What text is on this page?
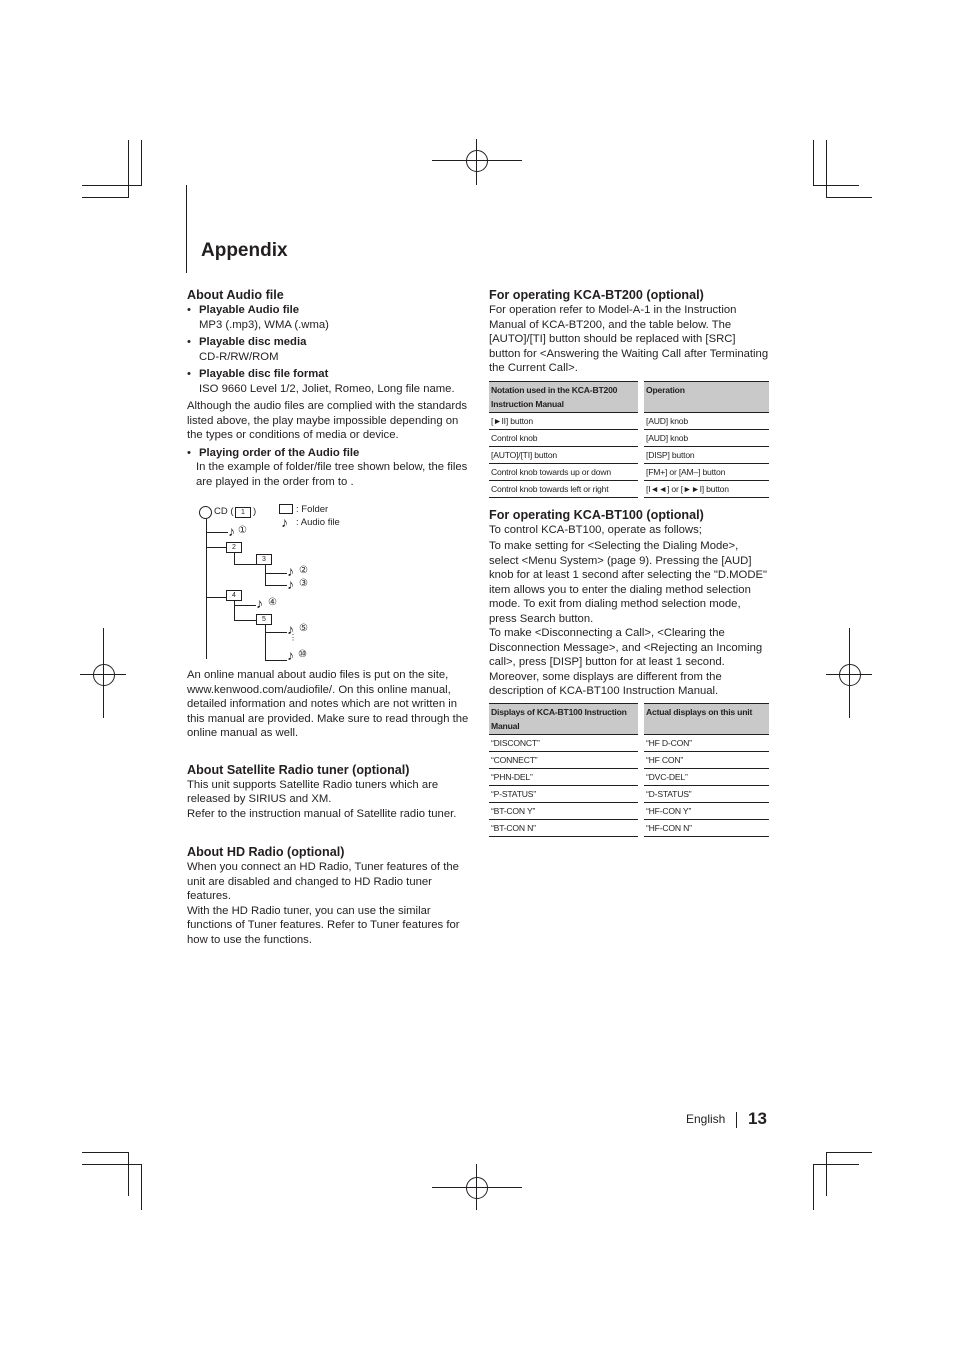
Appendix
About Audio file
• Playable Audio file
MP3 (.mp3), WMA (.wma)
• Playable disc media
CD-R/RW/ROM
• Playable disc file format
ISO 9660 Level 1/2, Joliet, Romeo, Long file name.

Although the audio files are complied with the standards listed above, the play maybe impossible depending on the types or conditions of media or device.

• Playing order of the Audio file
In the example of folder/file tree shown below, the files are played in the order from to .
CD (	1 )	: Folder
♪ : Audio file
♪ ①
2
3
♪ ②
♪ ③
4	♪ ④
5
♪ ⑤
♪ ⑩
⋮

An online manual about audio files is put on the site, www.kenwood.com/audiofile/. On this online manual, detailed information and notes which are not written in this manual are provided. Make sure to read through the online manual as well.

About Satellite Radio tuner (optional)

This unit supports Satellite Radio tuners which are released by SIRIUS and XM.

Refer to the instruction manual of Satellite radio tuner.

About HD Radio (optional)

When you connect an HD Radio, Tuner features of the unit are disabled and changed to HD Radio tuner features.

With the HD Radio tuner, you can use the similar functions of Tuner features. Refer to Tuner features for how to use the functions.

For operating KCA-BT200 (optional)

For operation refer to Model-A-1 in the Instruction Manual of KCA-BT200, and the table below. The [AUTO]/[TI] button should be replaced with [SRC] button for <Answering the Waiting Call after Terminating the Current Call>.

Notation used in the KCA-BT200 Instruction Manual		Operation
[►II] button		[AUD] knob
Control knob		[AUD] knob
[AUTO]/[TI] button		[DISP] button
Control knob towards up or down		[FM+] or [AM–] button
Control knob towards left or right		[I◄◄] or [►►I] button
For operating KCA-BT100 (optional)

To control KCA-BT100, operate as follows;

To make setting for <Selecting the Dialing Mode>, select <Menu System> (page 9). Pressing the [AUD] knob for at least 1 second after selecting the "D.MODE" item allows you to enter the dialing method selection mode. To exit from dialing method selection mode, press Search button.

To make <Disconnecting a Call>, <Clearing the Disconnection Message>, and <Rejecting an Incoming call>, press [DISP] button for at least 1 second.

Moreover, some displays are different from the description of KCA-BT100 Instruction Manual.

Displays of KCA-BT100 Instruction Manual		Actual displays on this unit
“DISCONCT”		“HF D-CON”
“CONNECT”		“HF CON”
“PHN-DEL”		“DVC-DEL”
“P-STATUS”		“D-STATUS”
“BT-CON Y”		“HF-CON Y”
“BT-CON N”		“HF-CON N”
English 13
